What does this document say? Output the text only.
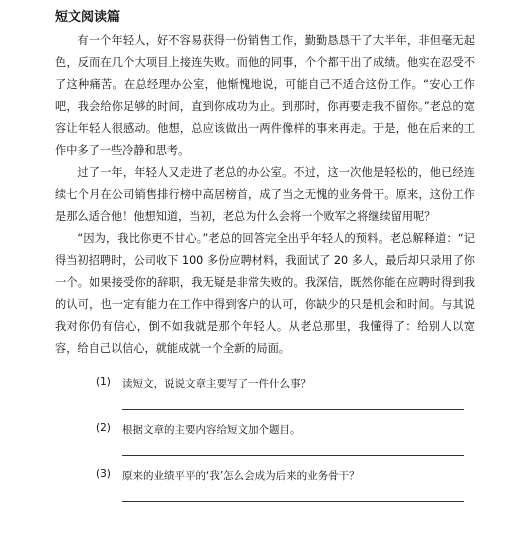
短文阅读篇

有一个年轻人，好不容易获得一份销售工作，勤勤恳恳干了大半年，非但毫无起色，反而在几个大项目上接连失败。而他的同事，个个都干出了成绩。他实在忍受不了这种痛苦。在总经理办公室，他惭愧地说，可能自己不适合这份工作。“安心工作吧，我会给你足够的时间，直到你成功为止。到那时，你再要走我不留你。”老总的宽容让年轻人很感动。他想，总应该做出一两件像样的事来再走。于是，他在后来的工作中多了一些冷静和思考。

过了一年，年轻人又走进了老总的办公室。不过，这一次他是轻松的，他已经连续七个月在公司销售排行榜中高居榜首，成了当之无愧的业务骨干。原来，这份工作是那么适合他！他想知道，当初，老总为什么会将一个败军之将继续留用呢？

“因为，我比你更不甘心。”老总的回答完全出乎年轻人的预料。老总解释道：“记得当初招聘时，公司收下 100 多份应聘材料，我面试了 20 多人，最后却只录用了你一个。如果接受你的辞职，我无疑是非常失败的。我深信，既然你能在应聘时得到我的认可，也一定有能力在工作中得到客户的认可，你缺少的只是机会和时间。与其说我对你仍有信心，倒不如我就是那个年轻人。从老总那里，我懂得了：给别人以宽容，给自己以信心，就能成就一个全新的局面。

(1) 读短文，说说文章主要写了一件什么事？
(2) 根据文章的主要内容给短文加个题目。
(3) 原来的业绩平平的‘我’怎么会成为后来的业务骨干？
